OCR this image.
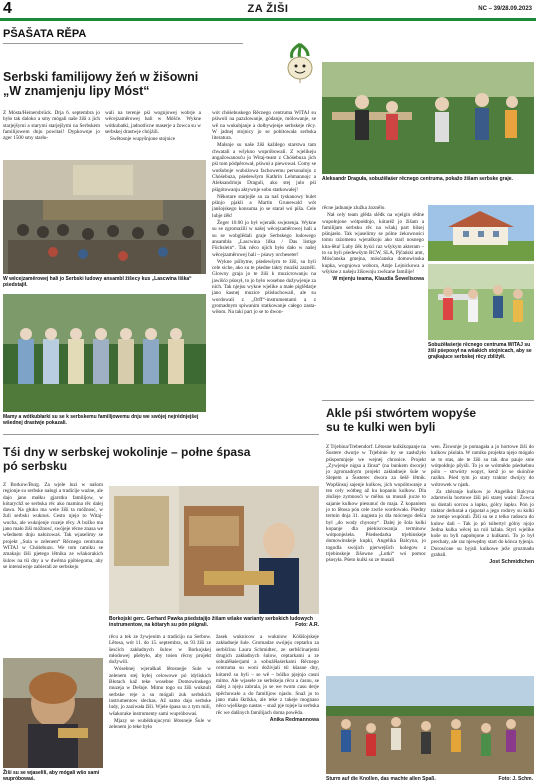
4	ZA ŽIŠI	NC – 39/28.09.2023
PŠAŠATA RĚPA
Serbski familijowy žeń w žišowni
„W znamjenju lipy Móst“

Z Mósta/Heinersbrück. Drja 6. septembra jo było tak daloko a smy mógali naše žiši z jich starjejšymi a starymi starjejšymi na Serbskem familijowem dnju powitaś! Dypkownje jo zger 1500 smy starło-

wali na terenje pśi wognjowej wobrje a wěcejzaměrowej hali w Móšće. Wykne wótkubatki, jadnotlicne maserje a žowca su w serbskej drastwje chójźili.

Swětosnje wupyšnjone stojnice

W wěcejzaměrowej hali jo Serbski ludowy ansambl žišecy kus „Lascwina liška“ pśedstajił.
Mamy a wótkubłarki su se k serbskemu familijowemu dnju we swójej nejrědnjejšej wšednej drastwje pokazali.

wót chóśebuskego Rěcnego centruma WITAJ su pśiwoli na pazzlowanje, gódanje, mólowanje, se wě na wukubjanje a dołbywjenje serbskeje rěcy. W jadnej stojnicy jo se pobitowała serbska literatura.

Malsnje su naše žiši každego starstwa tam chwatali a wšykno wupróbowali. Z wjelikeju angažowanosću jo Witaj-team z Chóśebuza jich pśi tom pódpěrował, pśiwuł a piewował. Comy se wutšobnje wubóźowa fachowemu personaloju z Chóśebuza, pśedewšym Kathrin Lehmannojc a Aleksandrioju Draguli, ako stej julo pśi pśigótowanju aktywnje sobu statkowałej!

Někotare starjejše su za naš tyskanowy bulet pśinjo pjakli a Martin Grunewald wót janšojskego konsuma jo se starał wó piša. Cele lubje źěk!

Žeger 16:00 jo był wjerašk swjezenja. Wykne su se zgromaźili w našej wěcejzaměrowej hali a su se wobglědali graje Serbskego ludowego ansambla „Lascwina lilka / Das listige Füchslein“. Tak něco njich było dało w našej wěcejzaměrowej hali – pśawy orcheseter!

Wykne pśibytne, pśedewšym te žiši, su byli cele siche, ako su te pśedne takty muziki zaznělí. Glowny graja jo te žiši k muzicrowanju na jawišćo pśosył, to jo było wosebne dožywjenje za nich. Tak njejsu wykne wjelike a małe piglědarje jano kasnej muzice pśisłuchowali, ale su wordowali z „Orff“-instrumentami a z gromadnym spiwanim statkowanje całego zasta-wiłom. Na taki part jo se to dwon-

Aleksandr Draguła, sobuźěłaśer rěcnego centruma, pokažo žišam serbske graje.

rěcne jadnanje zlužka źoznělo.

Nał cely team glěda slědk na wjelgin rědne wupołnjone wótpołdnjo, kótaréž jo žišam a familijam serbsku rěc na wšakj part blisej pśinjasło. Tak wjaselimy se pólne źekowności tomu rażomenu wjeraškoju ako starl nosnego kita-lěta! Luby źěk byści raz wšykym akteram – to su byli pśedewšym RCW, SLA, Pjčański amt, Mósćanska gmejna, mósćanska domowinska kupka, wognjowa wobora, Antje Lejnickowa a wšykne z našeju žišownju zwězane familije!

W mjenju teama, Klaudia Šewelisowa

Sobuźěłaśerje rěcnego centruma WITAJ su žiši pśeposył na wšakich stojnicach, aby se grajkajuce serbskej rěcy zbližyłi.
Akle pśi stwórtem wopyśe
su te kulki wen byli

Z Trjebina/Trebendorf. Lětosne kulkikopanje na Šustere dworje w Trjebinie by se zasłužyło pśispomnjeje we wejnej chronice. Projekt „Zywjenje nigsa a žinsa“ (na bunkem dworje) jo zgromadnym projekt zakładneje šule w Slepem a Šusterec dwora za šešě lětnik. Wopšinsuj sajenje kulkow, jich wopólnwanje a ten cely wótbeg až ku kopaniu kulkow. Dla złužeje zymnosći w mělsu su musali jucze to sajanie kulkow piesunuć do maja. Z kopaniem jo to lětosa pón cele zwrle wordowało. Pśedny termin dnja 31. augusta jo dla mócnego dešća byl „do wody chysony“. Dalej jo šola kulki kopanje dla pśekiscowanja terminow wótponjeźeła. Pśedsedarka trjebinskeje domowinskeje kupki, Angelika Balcyna, jo togodla swójich pjerwejšich kolegow z trjebinskeje žišowne „Lutki“ wó pomoc pśosyła. Pśeto kulki su ze musali

wen. Žiswsnje jo pomagała a jo hortowe žiši do kulkow pśolała. W ramiku projekta njejo mógalo se to stas, ale te žiši su tak dno pauje sme wótpołdnjo pšyśli. To jo se wótmědo pśedsebnu pólo – strwórty wopyt, kenž jo se skónčne razlkn. Pśed tym jo stary traktor dwójcy do wótrowek w njatk.

Za zběranje kulkow jo Angelika Balcyna zdarstwila hortowe žiši pśi starej waśni: Žowca su dostali sorcou a łapku, gólcy łapku. Pón jo traktor derkotał a rjapotał a jego rodnvy su kulki ze zemje wupórali. Žiši su se z telko radoscu do kulow dali – Tak jo pó tsibertyl gólny njojo žedna kulka wěcej na roli lažała. Styri wjelike koše su byli napołnjone z kulkami. To jo był prechaty, ale raz njewędny start do kónca tyjenja. Dorosćone su byjsli kulkowe ježe grozmadu grabali.

Jost Schmidtchen

Sturm auf die Knollen, das machte allen Spaß.	Foto: J. Schm.
Tśi dny w serbskej wokolinje – połne śpasa
pó serbsku

Z Borkow/Burg. Za wjele luzi w našom regionje su serbske nałogi a tradicije ważne, ale dajo jano małku gjarstku familijow, w kótarychž se serbska rěc ako maminа rěc dalej dawa. Na głuku ma wele žiši ta móžnosć, w žuli serbski wuknuś. Cesto njejo to Witaj-wucba, ale wuknjenje cuzeje rěcy. A božko ma jano mało žiši móžnosć, swójeje rěcne znasa we wšednem dnju nałożowaś. Tak wjaselimy se projekt „Sula w zelenem“ Rěcnego centruma WITAJ w Chóśebuzu. We tom ramiku se zmakaju žiši pjetego lětnika ze wšakorakich šulow na tśi dny a w dwěma pjóbiegoma, aby se intensiwnje zabierali ze serbskeju

Žiši su se wjaselili, aby mógali wšo sami wupróbowaś.
Borkojski gerc. Gerhard Pawka pśedstajijo žišam wšake wariantу serbskich ludowych instrumentow, na kótaryh su pón pśigrali.	Foto: A.R.

rěcu a tek ze žywjenim a tradiciju na Serbow. Lětosa, wót 11. do 15. septembra, su 93 žiši ze šesćich zakładnych šulow w Borkojskej młodowej pšebyło, aby tośen rěcny projekt dožywili.

Wósebnej wjeraškaš lětosnejje Sule w zelenem stej byłej celowowe pó idyliskich Błotach kaž teke wosebne Domowinskego muzeja w Dešnje. Mimo togo su žiši wuknuli serbske reje a su mógali zuk serbskich instrumentow slechas. Až samo dajo serbske ludy, jo zaziwała žiši. Wjele śpasa su z tym mili, wšakorake instrumenty sami wupróbowaś.

Mjazy se wubězkujucymi lětosneje Šule w zelenem jo teke było

žasek wuknicow a wukniow Kóšišojskeje zakładneje šule. Gromadze swójeju ceptarku za serbšćinu Laura Schmidtec, ze serbšćinarjemi drugich zakładnych šulow, ceptarkami a ze sobuźěłaśerjami a sobuźěłaśerkami Rěcnego centruma su woni doživjali tśi kšasne dny, kótarež su byli – se wě – bóžko pjejnjo casni mimo. Ale wjasele ze serbskeju rěcu a ćasnu, se dalej z njeju zabrala, jo se we twom casu derje spěchowało a do familijow njaslo. Snaž jo to jano mała škrikka, ale teke z takeje mognaso něco wjelikego nastas – snaž pje tojeje la serbska rěc we dalšnych familijach doma powěda.

Anika Redmannowa
